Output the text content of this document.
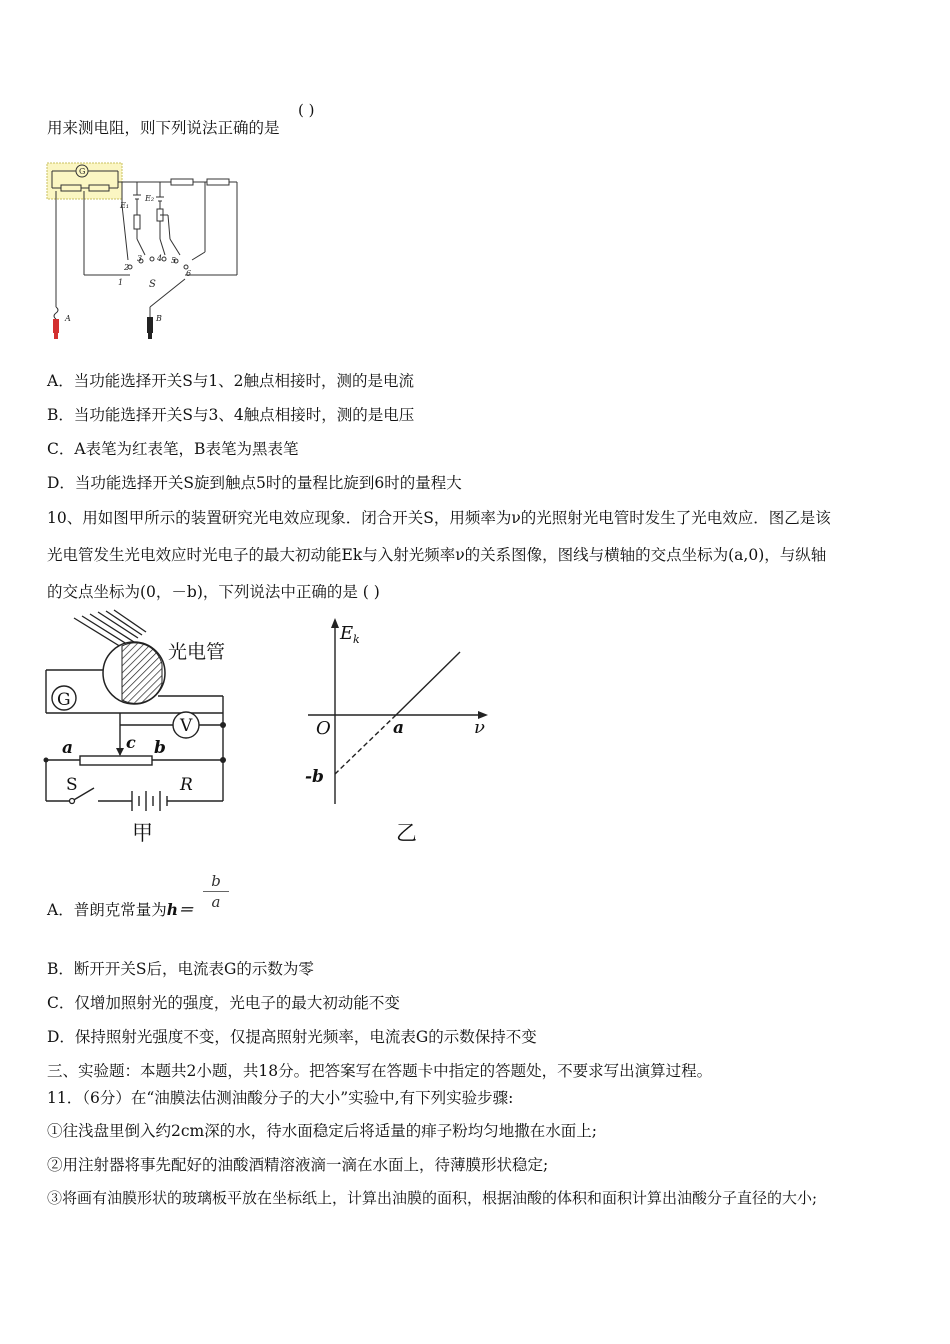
用来测电阻，则下列说法正确的是
( )
G
E₁
E₂
1
2
3 4 5
6
S
A	B
A．当功能选择开关S与1、2触点相接时，测的是电流
B．当功能选择开关S与3、4触点相接时，测的是电压
C．A表笔为红表笔，B表笔为黑表笔
D．当功能选择开关S旋到触点5时的量程比旋到6时的量程大
10、用如图甲所示的装置研究光电效应现象．闭合开关S，用频率为ν的光照射光电管时发生了光电效应．图乙是该
光电管发生光电效应时光电子的最大初动能Ek与入射光频率ν的关系图像，图线与横轴的交点坐标为(a,0)，与纵轴
的交点坐标为(0，－b)，下列说法中正确的是 ( )
光电管
G
V
a	b
c
S	R
甲
E k
O	ν
a
-b
乙
A．普朗克常量为h＝
b
a
B．断开开关S后，电流表G的示数为零
C．仅增加照射光的强度，光电子的最大初动能不变
D．保持照射光强度不变，仅提高照射光频率，电流表G的示数保持不变
三、实验题：本题共2小题，共18分。把答案写在答题卡中指定的答题处，不要求写出演算过程。
11．（6分）在“油膜法估测油酸分子的大小”实验中,有下列实验步骤:
①往浅盘里倒入约2cm深的水，待水面稳定后将适量的痱子粉均匀地撒在水面上;
②用注射器将事先配好的油酸酒精溶液滴一滴在水面上，待薄膜形状稳定;
③将画有油膜形状的玻璃板平放在坐标纸上，计算出油膜的面积，根据油酸的体积和面积计算出油酸分子直径的大小;
